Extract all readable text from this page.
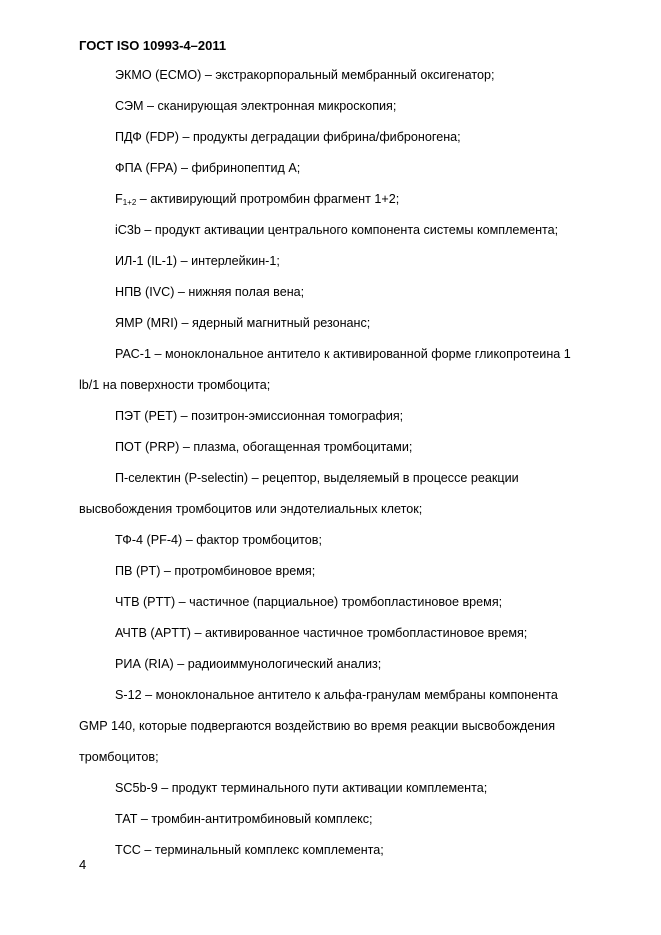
ГОСТ ISO 10993-4–2011
ЭКМО (ECMO) – экстракорпоральный мембранный оксигенатор;
СЭМ – сканирующая электронная микроскопия;
ПДФ (FDP) – продукты деградации фибрина/фиброногена;
ФПА (FPA) – фибринопептид А;
$F_{1+2}$ – активирующий протромбин фрагмент 1+2;
iC3b – продукт активации центрального компонента системы комплемента;
ИЛ-1 (IL-1) – интерлейкин-1;
НПВ (IVC) – нижняя полая вена;
ЯМР (MRI) – ядерный магнитный резонанс;
РАС-1 – моноклональное антитело к активированной форме гликопротеина 1
lb/1 на поверхности тромбоцита;
ПЭТ (PET) – позитрон-эмиссионная томография;
ПОТ (PRP) – плазма, обогащенная тромбоцитами;
П-селектин (P-selectin) – рецептор, выделяемый в процессе реакции
высвобождения тромбоцитов или эндотелиальных клеток;
ТФ-4 (PF-4) – фактор тромбоцитов;
ПВ (PT) – протромбиновое время;
ЧТВ (PTT) – частичное (парциальное) тромбопластиновое время;
АЧТВ (APTT) – активированное частичное тромбопластиновое время;
РИА (RIA) – радиоиммунологический анализ;
S-12 – моноклональное антитело к альфа-гранулам мембраны компонента
GMP 140, которые подвергаются воздействию во время реакции высвобождения
тромбоцитов;
SC5b-9 – продукт терминального пути активации комплемента;
ТАТ – тромбин-антитромбиновый комплекс;
ТСС – терминальный комплекс комплемента;
4
